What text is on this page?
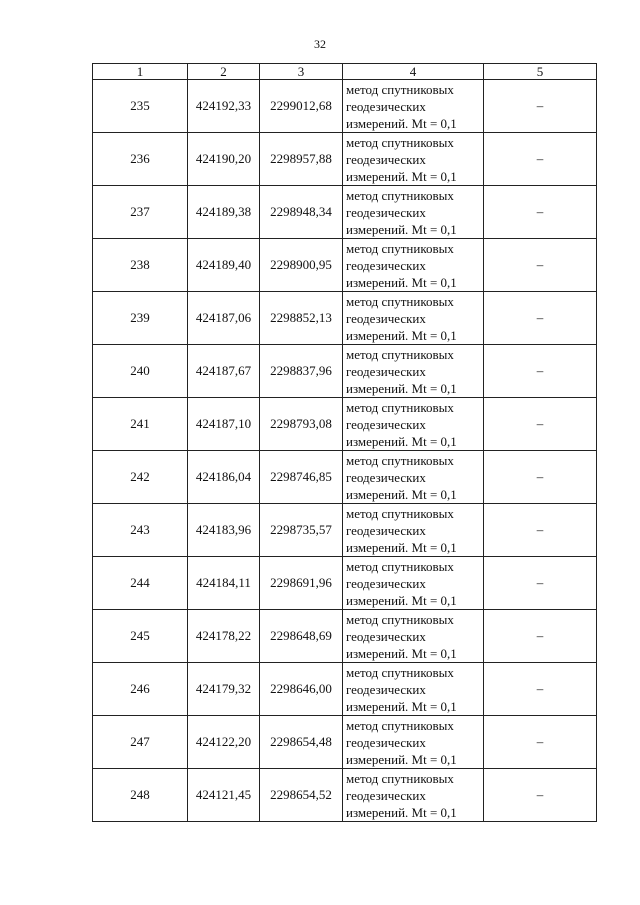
32
1	2	3	4	5
235	424192,33	2299012,68	метод спутниковых
геодезических
измерений. Mt = 0,1	–
236	424190,20	2298957,88	метод спутниковых
геодезических
измерений. Mt = 0,1	–
237	424189,38	2298948,34	метод спутниковых
геодезических
измерений. Mt = 0,1	–
238	424189,40	2298900,95	метод спутниковых
геодезических
измерений. Mt = 0,1	–
239	424187,06	2298852,13	метод спутниковых
геодезических
измерений. Mt = 0,1	–
240	424187,67	2298837,96	метод спутниковых
геодезических
измерений. Mt = 0,1	–
241	424187,10	2298793,08	метод спутниковых
геодезических
измерений. Mt = 0,1	–
242	424186,04	2298746,85	метод спутниковых
геодезических
измерений. Mt = 0,1	–
243	424183,96	2298735,57	метод спутниковых
геодезических
измерений. Mt = 0,1	–
244	424184,11	2298691,96	метод спутниковых
геодезических
измерений. Mt = 0,1	–
245	424178,22	2298648,69	метод спутниковых
геодезических
измерений. Mt = 0,1	–
246	424179,32	2298646,00	метод спутниковых
геодезических
измерений. Mt = 0,1	–
247	424122,20	2298654,48	метод спутниковых
геодезических
измерений. Mt = 0,1	–
248	424121,45	2298654,52	метод спутниковых
геодезических
измерений. Mt = 0,1	–
